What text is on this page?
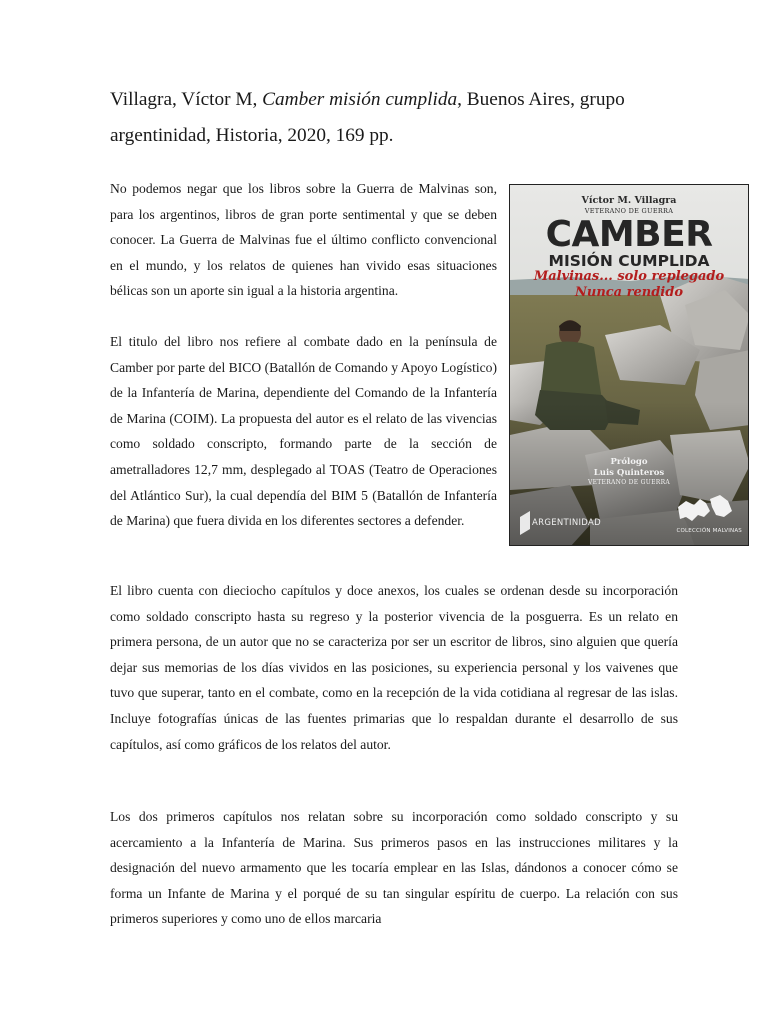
Villagra, Víctor M, Camber misión cumplida, Buenos Aires, grupo argentinidad, Historia, 2020, 169 pp.

No podemos negar que los libros sobre la Guerra de Malvinas son, para los argentinos, libros de gran porte sentimental y que se deben conocer. La Guerra de Malvinas fue el último conflicto convencional en el mundo, y los relatos de quienes han vivido esas situaciones bélicas son un aporte sin igual a la historia argentina.

El titulo del libro nos refiere al combate dado en la península de Camber por parte del BICO (Batallón de Comando y Apoyo Logístico) de la Infantería de Marina, dependiente del Comando de la Infantería de Marina (COIM). La propuesta del autor es el relato de las vivencias como soldado conscripto, formando parte de la sección de ametralladores 12,7 mm, desplegado al TOAS (Teatro de Operaciones del Atlántico Sur), la cual dependía del BIM 5 (Batallón de Infantería de Marina) que fuera divida en los diferentes sectores a defender.

Víctor M. Villagra
VETERANO DE GUERRA
CAMBER
MISIÓN CUMPLIDA
Malvinas... solo replegado
Nunca rendido
Prólogo
Luis Quinteros
VETERANO DE GUERRA
ARGENTINIDAD
COLECCIÓN MALVINAS

El libro cuenta con dieciocho capítulos y doce anexos, los cuales se ordenan desde su incorporación como soldado conscripto hasta su regreso y la posterior vivencia de la posguerra. Es un relato en primera persona, de un autor que no se caracteriza por ser un escritor de libros, sino alguien que quería dejar sus memorias de los días vividos en las posiciones, su experiencia personal y los vaivenes que tuvo que superar, tanto en el combate, como en la recepción de la vida cotidiana al regresar de las islas. Incluye fotografías únicas de las fuentes primarias que lo respaldan durante el desarrollo de sus capítulos, así como gráficos de los relatos del autor.

Los dos primeros capítulos nos relatan sobre su incorporación como soldado conscripto y su acercamiento a la Infantería de Marina. Sus primeros pasos en las instrucciones militares y la designación del nuevo armamento que les tocaría emplear en las Islas, dándonos a conocer cómo se forma un Infante de Marina y el porqué de su tan singular espíritu de cuerpo. La relación con sus primeros superiores y como uno de ellos marcaria
